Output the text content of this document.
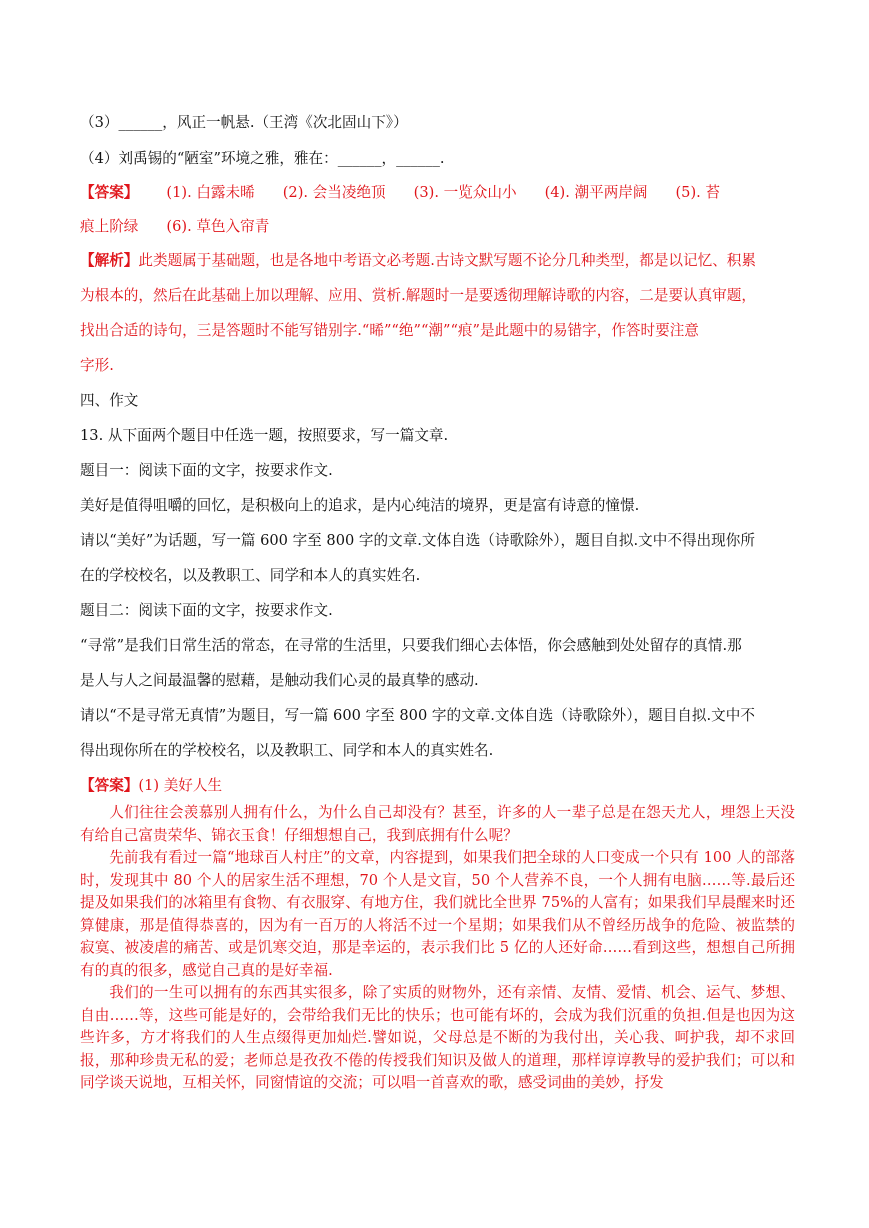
（3）______，风正一帆悬.（王湾《次北固山下》）
（4）刘禹锡的“陋室”环境之雅，雅在：______，______.
【答案】 (1). 白露未晞 (2). 会当凌绝顶 (3). 一览众山小 (4). 潮平两岸阔 (5). 苔
痕上阶绿 (6). 草色入帘青
【解析】此类题属于基础题，也是各地中考语文必考题.古诗文默写题不论分几种类型，都是以记忆、积累
为根本的，然后在此基础上加以理解、应用、赏析.解题时一是要透彻理解诗歌的内容，二是要认真审题，
找出合适的诗句，三是答题时不能写错别字.“晞”“绝”“潮”“痕”是此题中的易错字，作答时要注意
字形.
四、作文
13. 从下面两个题目中任选一题，按照要求，写一篇文章.
题目一：阅读下面的文字，按要求作文.
美好是值得咀嚼的回忆，是积极向上的追求，是内心纯洁的境界，更是富有诗意的憧憬.
请以“美好”为话题，写一篇 600 字至 800 字的文章.文体自选（诗歌除外），题目自拟.文中不得出现你所
在的学校校名，以及教职工、同学和本人的真实姓名.
题目二：阅读下面的文字，按要求作文.
“寻常”是我们日常生活的常态，在寻常的生活里，只要我们细心去体悟，你会感触到处处留存的真情.那
是人与人之间最温馨的慰藉，是触动我们心灵的最真挚的感动.
请以“不是寻常无真情”为题目，写一篇 600 字至 800 字的文章.文体自选（诗歌除外），题目自拟.文中不
得出现你所在的学校校名，以及教职工、同学和本人的真实姓名.
【答案】(1) 美好人生

人们往往会羡慕别人拥有什么，为什么自己却没有？甚至，许多的人一辈子总是在怨天尤人，埋怨上天没有给自己富贵荣华、锦衣玉食！仔细想想自己，我到底拥有什么呢？

先前我有看过一篇“地球百人村庄”的文章，内容提到，如果我们把全球的人口变成一个只有 100 人的部落时，发现其中 80 个人的居家生活不理想，70 个人是文盲，50 个人营养不良，一个人拥有电脑……等.最后还提及如果我们的冰箱里有食物、有衣服穿、有地方住，我们就比全世界 75%的人富有；如果我们早晨醒来时还算健康，那是值得恭喜的，因为有一百万的人将活不过一个星期；如果我们从不曾经历战争的危险、被监禁的寂寞、被凌虐的痛苦、或是饥寒交迫，那是幸运的，表示我们比 5 亿的人还好命……看到这些，想想自己所拥有的真的很多，感觉自己真的是好幸福.

我们的一生可以拥有的东西其实很多，除了实质的财物外，还有亲情、友情、爱情、机会、运气、梦想、自由……等，这些可能是好的，会带给我们无比的快乐；也可能有坏的，会成为我们沉重的负担.但是也因为这些许多，方才将我们的人生点缀得更加灿烂.譬如说，父母总是不断的为我付出，关心我、呵护我，却不求回报，那种珍贵无私的爱；老师总是孜孜不倦的传授我们知识及做人的道理，那样谆谆教导的爱护我们；可以和同学谈天说地，互相关怀，同窗情谊的交流；可以唱一首喜欢的歌，感受词曲的美妙，抒发
